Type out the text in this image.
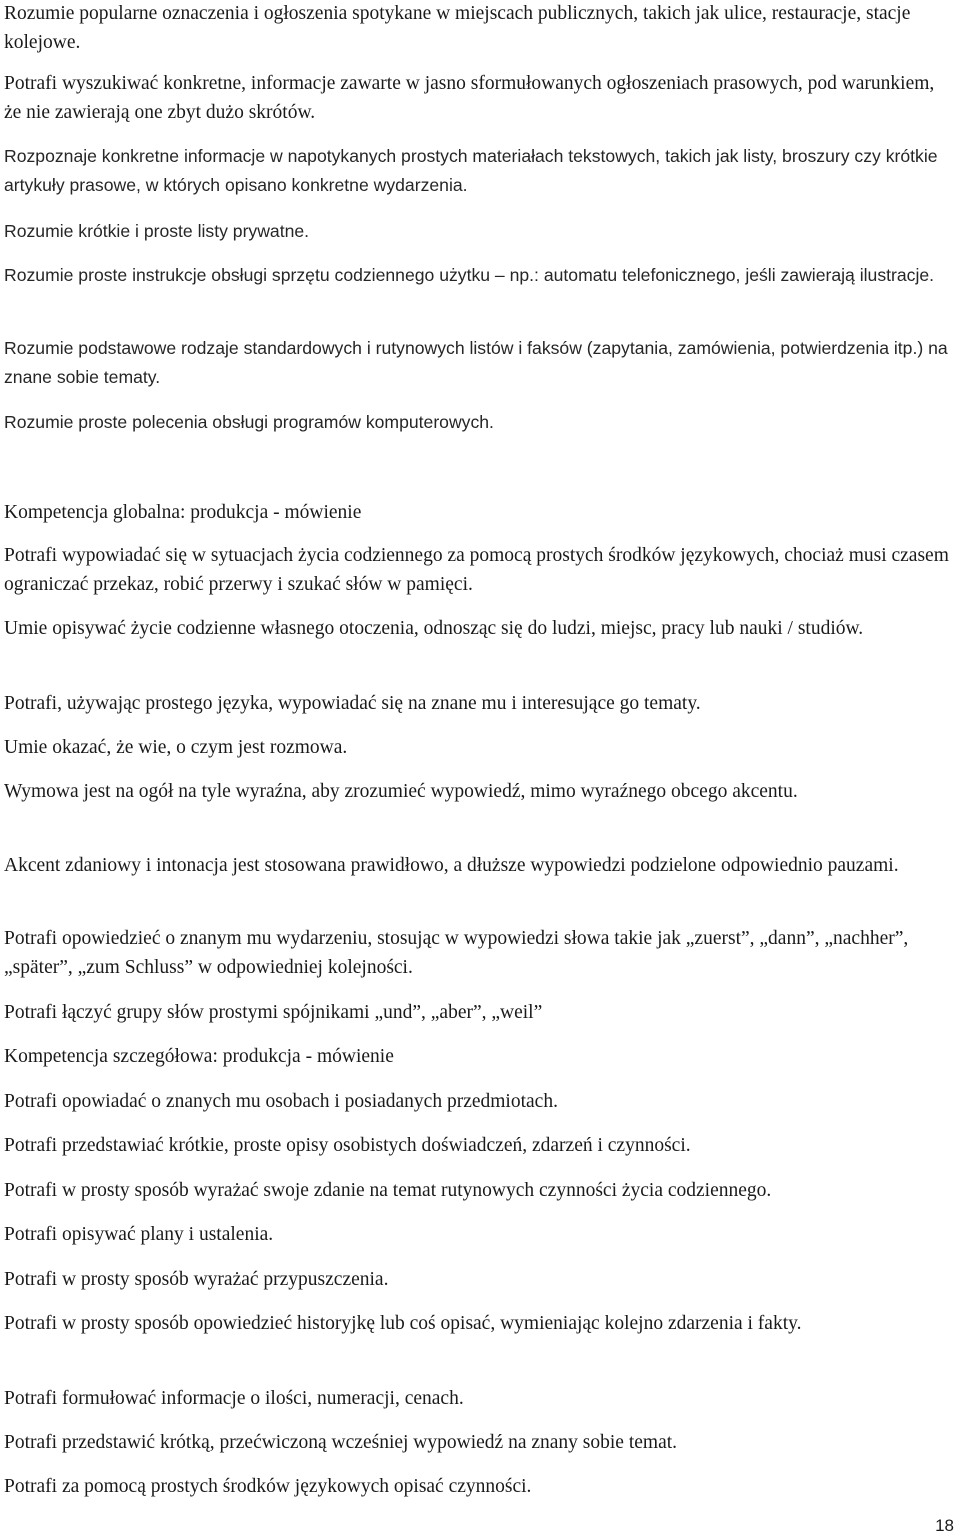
Rozumie popularne oznaczenia i ogłoszenia spotykane w miejscach publicznych, takich jak ulice, restauracje, stacje kolejowe.

Potrafi wyszukiwać konkretne, informacje zawarte w jasno sformułowanych ogłoszeniach prasowych, pod warunkiem, że nie zawierają one zbyt dużo skrótów.

Rozpoznaje konkretne informacje w napotykanych prostych materiałach tekstowych, takich jak listy, broszury czy krótkie artykuły prasowe, w których opisano konkretne wydarzenia.

Rozumie krótkie i proste listy prywatne.

Rozumie proste instrukcje obsługi sprzętu codziennego użytku – np.: automatu telefonicznego, jeśli zawierają ilustracje.

Rozumie podstawowe rodzaje standardowych i rutynowych listów i faksów (zapytania, zamówienia, potwierdzenia itp.) na znane sobie tematy.

Rozumie proste polecenia obsługi programów komputerowych.

Kompetencja globalna: produkcja - mówienie

Potrafi wypowiadać się w sytuacjach życia codziennego za pomocą prostych środków językowych, chociaż musi czasem ograniczać przekaz, robić przerwy i szukać słów w pamięci.

Umie opisywać życie codzienne własnego otoczenia, odnosząc się do ludzi, miejsc, pracy lub nauki / studiów.

Potrafi, używając prostego języka, wypowiadać się na znane mu i interesujące go tematy.

Umie okazać, że wie, o czym jest rozmowa.

Wymowa jest na ogół na tyle wyraźna, aby zrozumieć wypowiedź, mimo wyraźnego obcego akcentu.

Akcent zdaniowy i intonacja jest stosowana prawidłowo, a dłuższe wypowiedzi podzielone odpowiednio pauzami.

Potrafi opowiedzieć o znanym mu wydarzeniu, stosując w wypowiedzi słowa takie jak „zuerst”, „dann”, „nachher”, „später”, „zum Schluss” w odpowiedniej kolejności.

Potrafi łączyć grupy słów prostymi spójnikami „und”, „aber”, „weil”

Kompetencja szczegółowa: produkcja - mówienie

Potrafi opowiadać o znanych mu osobach i posiadanych przedmiotach.

Potrafi przedstawiać krótkie, proste opisy osobistych doświadczeń, zdarzeń i czynności.

Potrafi w prosty sposób wyrażać swoje zdanie na temat rutynowych czynności życia codziennego.

Potrafi opisywać plany i ustalenia.

Potrafi w prosty sposób wyrażać przypuszczenia.

Potrafi w prosty sposób opowiedzieć historyjkę lub coś opisać, wymieniając kolejno zdarzenia i fakty.

Potrafi formułować informacje o ilości, numeracji, cenach.

Potrafi przedstawić krótką, przećwiczoną wcześniej wypowiedź na znany sobie temat.

Potrafi za pomocą prostych środków językowych opisać czynności.

18
